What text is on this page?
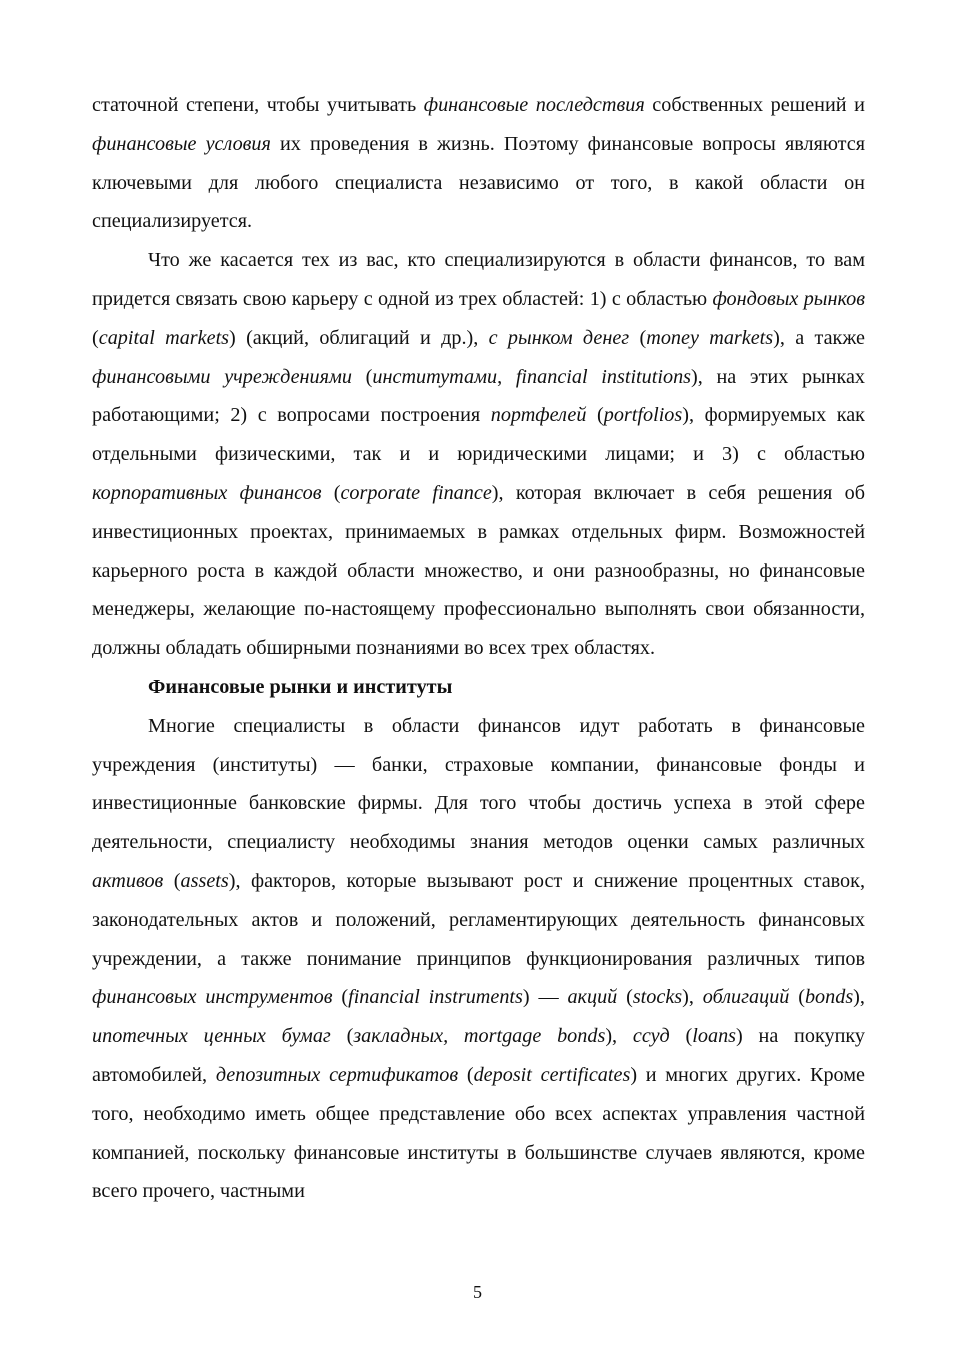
статочной степени, чтобы учитывать финансовые последствия собственных решений и финансовые условия их проведения в жизнь. Поэтому финансовые вопросы являются ключевыми для любого специалиста независимо от того, в какой области он специализируется.

Что же касается тех из вас, кто специализируются в области финансов, то вам придется связать свою карьеру с одной из трех областей: 1) с областью фондовых рынков (capital markets) (акций, облигаций и др.), с рынком денег (money markets), а также финансовыми учреждениями (институтами, financial institutions), на этих рынках работающими; 2) с вопросами построения портфелей (portfolios), формируемых как отдельными физическими, так и и юридическими лицами; и 3) с областью корпоративных финансов (corporate finance), которая включает в себя решения об инвестиционных проектах, принимаемых в рамках отдельных фирм. Возможностей карьерного роста в каждой области множество, и они разнообразны, но финансовые менеджеры, желающие по-настоящему профессионально выполнять свои обязанности, должны обладать обширными познаниями во всех трех областях.

Финансовые рынки и институты

Многие специалисты в области финансов идут работать в финансовые учреждения (институты) — банки, страховые компании, финансовые фонды и инвестиционные банковские фирмы. Для того чтобы достичь успеха в этой сфере деятельности, специалисту необходимы знания методов оценки самых различных активов (assets), факторов, которые вызывают рост и снижение процентных ставок, законодательных актов и положений, регламентирующих деятельность финансовых учреждении, а также понимание принципов функционирования различных типов финансовых инструментов (financial instruments) — акций (stocks), облигаций (bonds), ипотечных ценных бумаг (закладных, mortgage bonds), ссуд (loans) на покупку автомобилей, депозитных сертификатов (deposit certificates) и многих других. Кроме того, необходимо иметь общее представление обо всех аспектах управления частной компанией, поскольку финансовые институты в большинстве случаев являются, кроме всего прочего, частными

5
